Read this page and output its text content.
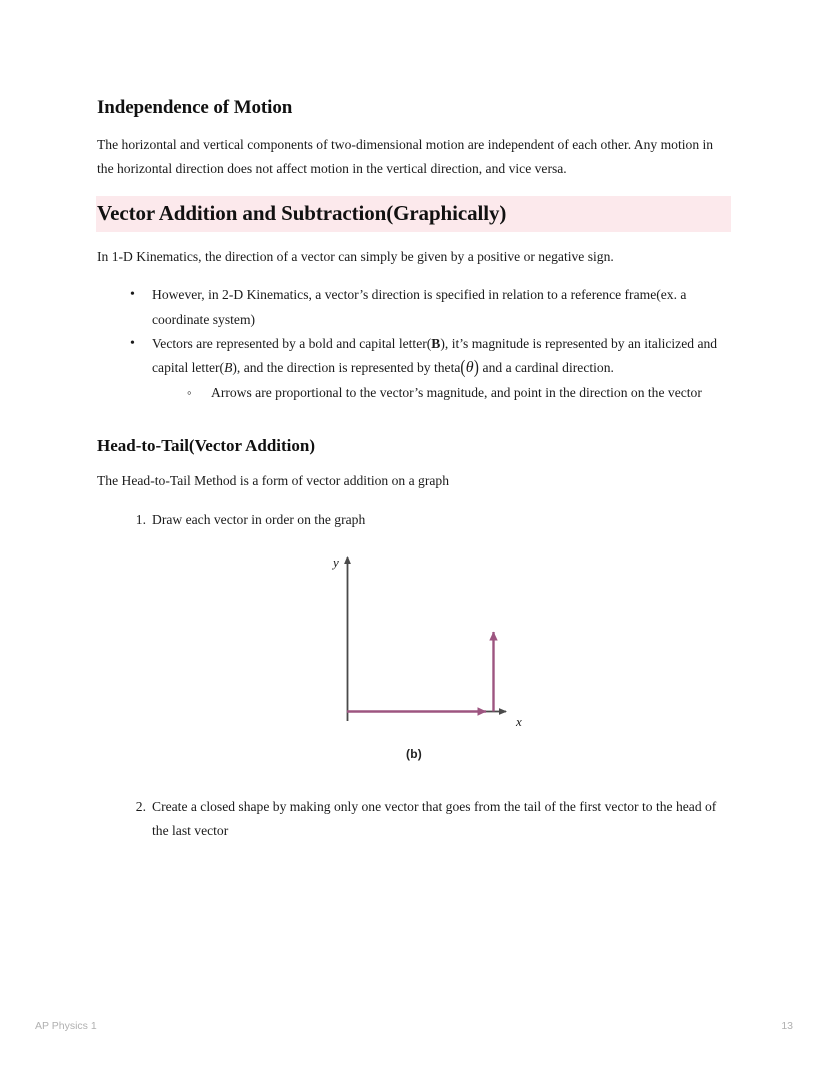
Independence of Motion

The horizontal and vertical components of two-dimensional motion are independent of each other. Any motion in the horizontal direction does not affect motion in the vertical direction, and vice versa.

Vector Addition and Subtraction(Graphically)

In 1-D Kinematics, the direction of a vector can simply be given by a positive or negative sign.

• However, in 2-D Kinematics, a vector’s direction is specified in relation to a reference frame(ex. a coordinate system)
• Vectors are represented by a bold and capital letter(B), it’s magnitude is represented by an italicized and capital letter(B), and the direction is represented by theta(θ) and a cardinal direction.
◦ Arrows are proportional to the vector’s magnitude, and point in the direction on the vector
Head-to-Tail(Vector Addition)

The Head-to-Tail Method is a form of vector addition on a graph

Draw each vector in order on the graph
y
x
(b)
Create a closed shape by making only one vector that goes from the tail of the first vector to the head of the last vector
AP Physics 1	13
